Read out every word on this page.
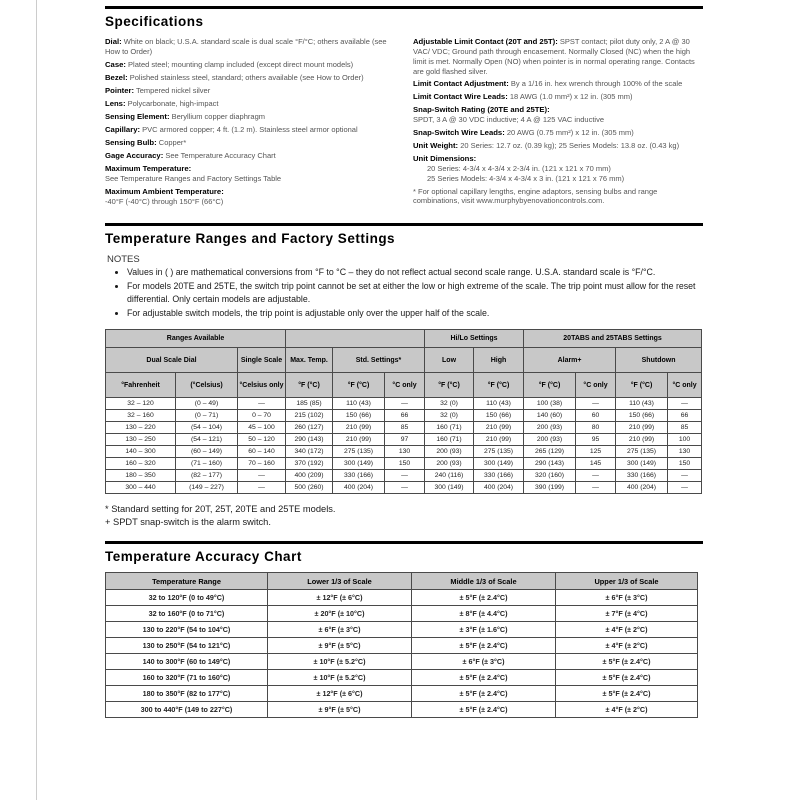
Specifications

Dial: White on black; U.S.A. standard scale is dual scale °F/°C; others available (see How to Order)

Case: Plated steel; mounting clamp included (except direct mount models)

Bezel: Polished stainless steel, standard; others available (see How to Order)

Pointer: Tempered nickel silver

Lens: Polycarbonate, high-impact

Sensing Element: Beryllium copper diaphragm

Capillary: PVC armored copper; 4 ft. (1.2 m). Stainless steel armor optional

Sensing Bulb: Copper*

Gage Accuracy: See Temperature Accuracy Chart

Maximum Temperature:
See Temperature Ranges and Factory Settings Table

Maximum Ambient Temperature:
-40°F (-40°C) through 150°F (66°C)

Adjustable Limit Contact (20T and 25T): SPST contact; pilot duty only, 2 A @ 30 VAC/ VDC; Ground path through encasement. Normally Closed (NC) when the high limit is met. Normally Open (NO) when pointer is in normal operating range. Contacts are gold flashed silver.

Limit Contact Adjustment: By a 1/16 in. hex wrench through 100% of the scale

Limit Contact Wire Leads: 18 AWG (1.0 mm²) x 12 in. (305 mm)

Snap-Switch Rating (20TE and 25TE):
SPDT, 3 A @ 30 VDC inductive; 4 A @ 125 VAC inductive

Snap-Switch Wire Leads: 20 AWG (0.75 mm²) x 12 in. (305 mm)

Unit Weight: 20 Series: 12.7 oz. (0.39 kg); 25 Series Models: 13.8 oz. (0.43 kg)

Unit Dimensions:

20 Series: 4-3/4 x 4-3/4 x 2-3/4 in. (121 x 121 x 70 mm)
25 Series Models: 4-3/4 x 4-3/4 x 3 in. (121 x 121 x 76 mm)

* For optional capillary lengths, engine adaptors, sensing bulbs and range combinations, visit www.murphybyenovationcontrols.com.

Temperature Ranges and Factory Settings

NOTES

• Values in ( ) are mathematical conversions from °F to °C – they do not reflect actual second scale range. U.S.A. standard scale is °F/°C.
• For models 20TE and 25TE, the switch trip point cannot be set at either the low or high extreme of the scale. The trip point must allow for the reset differential. Only certain models are adjustable.
• For adjustable switch models, the trip point is adjustable only over the upper half of the scale.
Ranges Available						Hi/Lo Settings		20TABS and 25TABS Settings			
Dual Scale Dial		Single Scale	Max. Temp.	Std. Settings*		Low	High	Alarm+		Shutdown	
°Fahrenheit	(°Celsius)	°Celsius only	°F (°C)	°F (°C)	°C only	°F (°C)	°F (°C)	°F (°C)	°C only	°F (°C)	°C only
32 – 120	(0 – 49)	—	185 (85)	110 (43)	—	32 (0)	110 (43)	100 (38)	—	110 (43)	—
32 – 160	(0 – 71)	0 – 70	215 (102)	150 (66)	66	32 (0)	150 (66)	140 (60)	60	150 (66)	66
130 – 220	(54 – 104)	45 – 100	260 (127)	210 (99)	85	160 (71)	210 (99)	200 (93)	80	210 (99)	85
130 – 250	(54 – 121)	50 – 120	290 (143)	210 (99)	97	160 (71)	210 (99)	200 (93)	95	210 (99)	100
140 – 300	(60 – 149)	60 – 140	340 (172)	275 (135)	130	200 (93)	275 (135)	265 (129)	125	275 (135)	130
160 – 320	(71 – 160)	70 – 160	370 (192)	300 (149)	150	200 (93)	300 (149)	290 (143)	145	300 (149)	150
180 – 350	(82 – 177)	—	400 (209)	330 (166)	—	240 (116)	330 (166)	320 (160)	—	330 (166)	—
300 – 440	(149 – 227)	—	500 (260)	400 (204)	—	300 (149)	400 (204)	390 (199)	—	400 (204)	—

* Standard setting for 20T, 25T, 20TE and 25TE models.

+ SPDT snap-switch is the alarm switch.

Temperature Accuracy Chart
Temperature Range	Lower 1/3 of Scale	Middle 1/3 of Scale	Upper 1/3 of Scale
32 to 120°F (0 to 49°C)	± 12°F (± 6°C)	± 5°F (± 2.4°C)	± 6°F (± 3°C)
32 to 160°F (0 to 71°C)	± 20°F (± 10°C)	± 8°F (± 4.4°C)	± 7°F (± 4°C)
130 to 220°F (54 to 104°C)	± 6°F (± 3°C)	± 3°F (± 1.6°C)	± 4°F (± 2°C)
130 to 250°F (54 to 121°C)	± 9°F (± 5°C)	± 5°F (± 2.4°C)	± 4°F (± 2°C)
140 to 300°F (60 to 149°C)	± 10°F (± 5.2°C)	± 6°F (± 3°C)	± 5°F (± 2.4°C)
160 to 320°F (71 to 160°C)	± 10°F (± 5.2°C)	± 5°F (± 2.4°C)	± 5°F (± 2.4°C)
180 to 350°F (82 to 177°C)	± 12°F (± 6°C)	± 5°F (± 2.4°C)	± 5°F (± 2.4°C)
300 to 440°F (149 to 227°C)	± 9°F (± 5°C)	± 5°F (± 2.4°C)	± 4°F (± 2°C)
